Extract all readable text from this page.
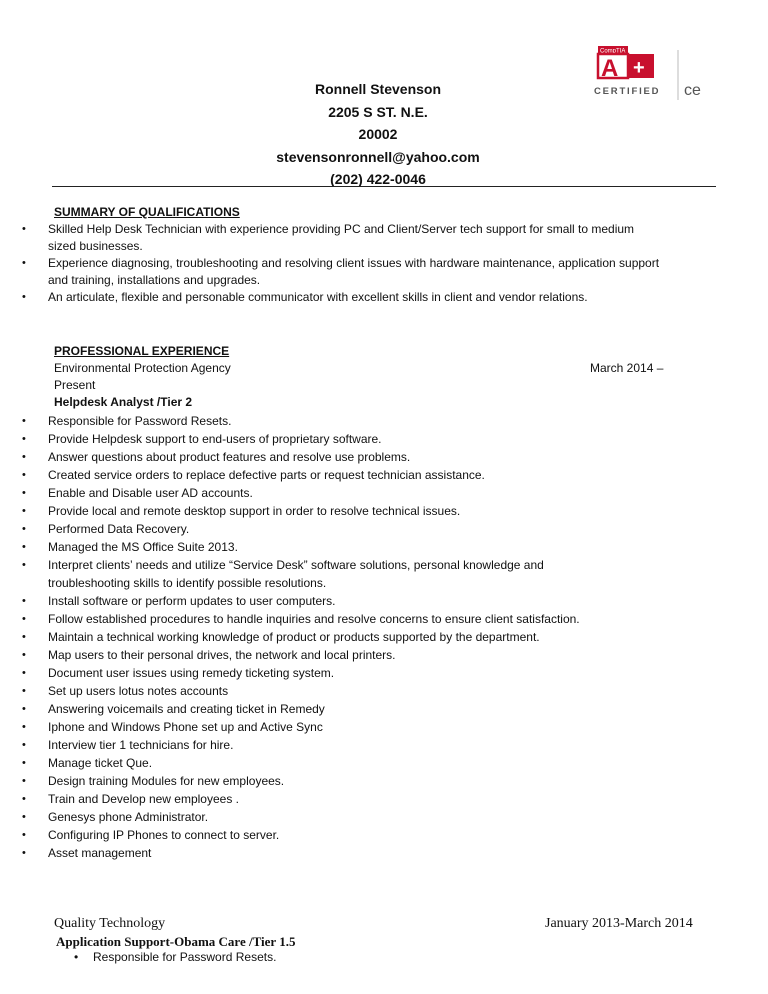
Ronnell Stevenson
2205 S ST. N.E.
20002
stevensonronnell@yahoo.com
(202) 422-0046
CompTIA
A +
CERTIFIED ce
SUMMARY OF QUALIFICATIONS
• Skilled Help Desk Technician with experience providing PC and Client/Server tech support for small to medium sized businesses.
• Experience diagnosing, troubleshooting and resolving client issues with hardware maintenance, application support and training, installations and upgrades.
• An articulate, flexible and personable communicator with excellent skills in client and vendor relations.
PROFESSIONAL EXPERIENCE
Environmental Protection Agency
Present
March 2014 –
Helpdesk Analyst /Tier 2
• Responsible for Password Resets.
• Provide Helpdesk support to end-users of proprietary software.
• Answer questions about product features and resolve use problems.
• Created service orders to replace defective parts or request technician assistance.
• Enable and Disable user AD accounts.
• Provide local and remote desktop support in order to resolve technical issues.
• Performed Data Recovery.
• Managed the MS Office Suite 2013.
• Interpret clients’ needs and utilize “Service Desk” software solutions, personal knowledge and troubleshooting skills to identify possible resolutions.
• Install software or perform updates to user computers.
• Follow established procedures to handle inquiries and resolve concerns to ensure client satisfaction.
• Maintain a technical working knowledge of product or products supported by the department.
• Map users to their personal drives, the network and local printers.
• Document user issues using remedy ticketing system.
• Set up users lotus notes accounts
• Answering voicemails and creating ticket in Remedy
• Iphone and Windows Phone set up and Active Sync
• Interview tier 1 technicians for hire.
• Manage ticket Que.
• Design training Modules for new employees.
• Train and Develop new employees .
• Genesys phone Administrator.
• Configuring IP Phones to connect to server.
• Asset management
Quality Technology	January 2013-March 2014
Application Support-Obama Care /Tier 1.5
• Responsible for Password Resets.
